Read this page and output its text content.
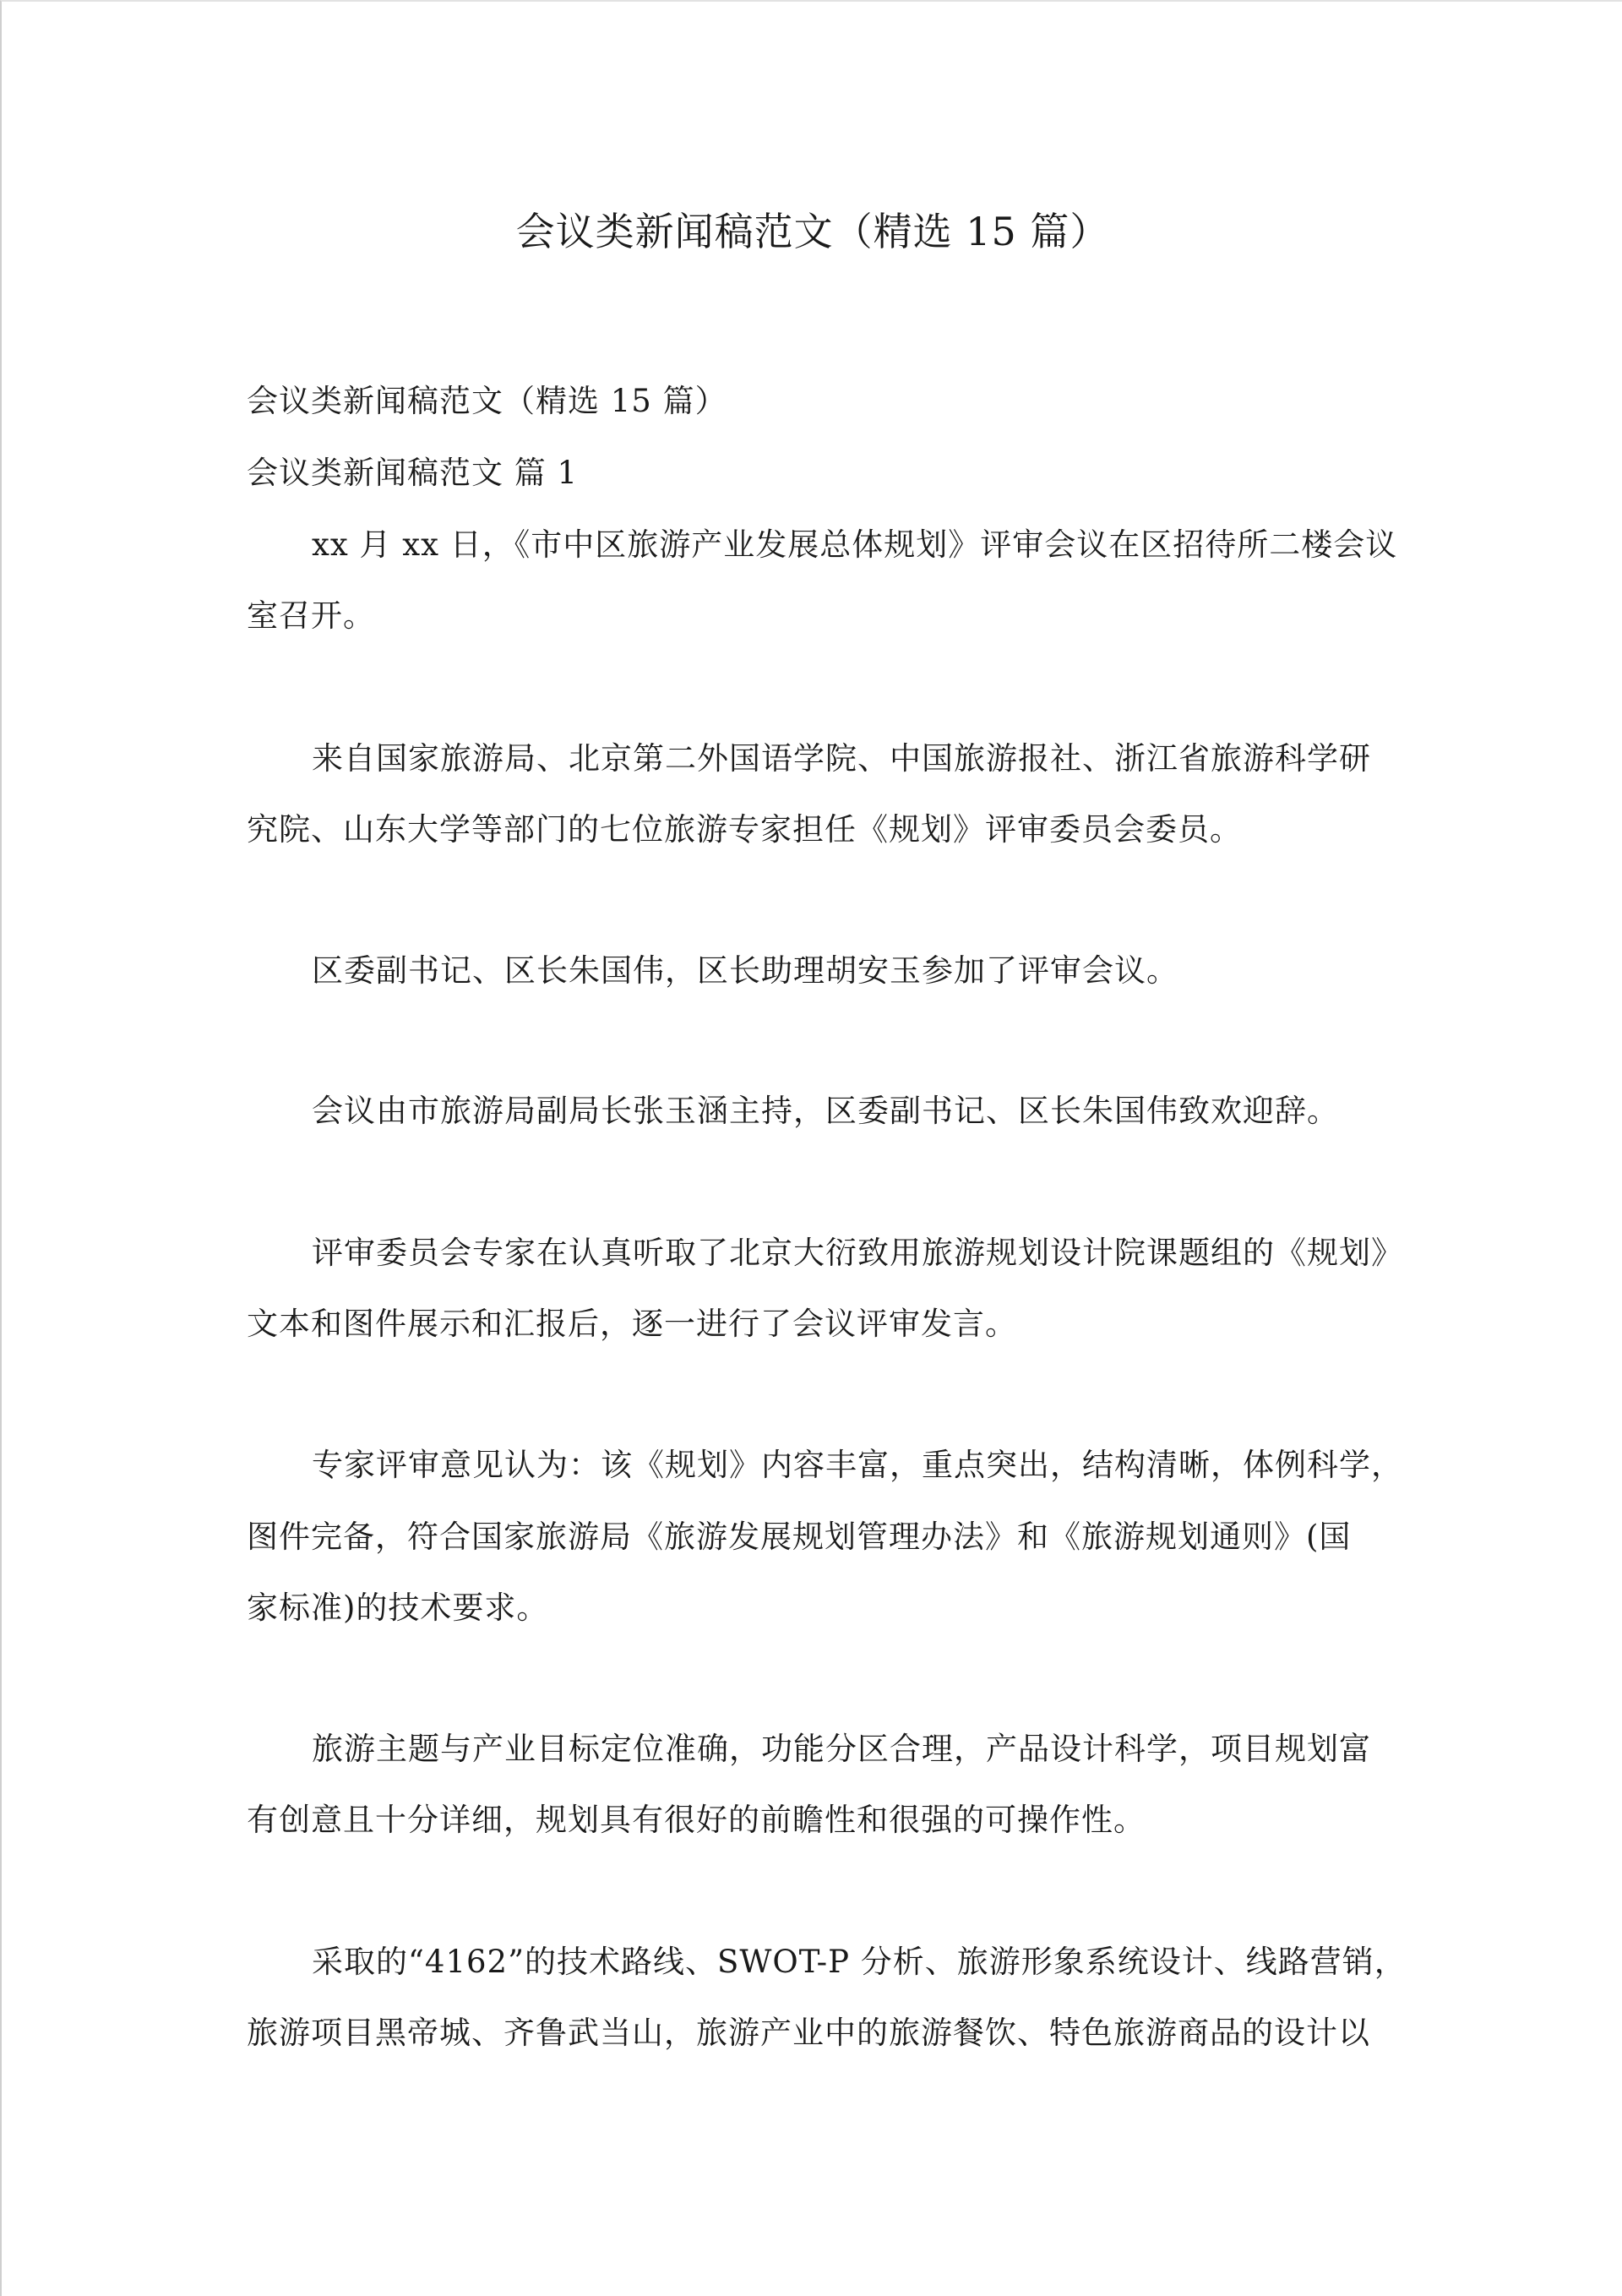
会议类新闻稿范文（精选 15 篇）
会议类新闻稿范文（精选 15 篇）
会议类新闻稿范文 篇 1
xx 月 xx 日，《市中区旅游产业发展总体规划》评审会议在区招待所二楼会议
室召开。
来自国家旅游局、北京第二外国语学院、中国旅游报社、浙江省旅游科学研
究院、山东大学等部门的七位旅游专家担任《规划》评审委员会委员。
区委副书记、区长朱国伟，区长助理胡安玉参加了评审会议。
会议由市旅游局副局长张玉涵主持，区委副书记、区长朱国伟致欢迎辞。
评审委员会专家在认真听取了北京大衍致用旅游规划设计院课题组的《规划》
文本和图件展示和汇报后，逐一进行了会议评审发言。
专家评审意见认为：该《规划》内容丰富，重点突出，结构清晰，体例科学，
图件完备，符合国家旅游局《旅游发展规划管理办法》和《旅游规划通则》(国
家标准)的技术要求。
旅游主题与产业目标定位准确，功能分区合理，产品设计科学，项目规划富
有创意且十分详细，规划具有很好的前瞻性和很强的可操作性。
采取的“4162”的技术路线、SWOT-P 分析、旅游形象系统设计、线路营销，
旅游项目黑帝城、齐鲁武当山，旅游产业中的旅游餐饮、特色旅游商品的设计以
